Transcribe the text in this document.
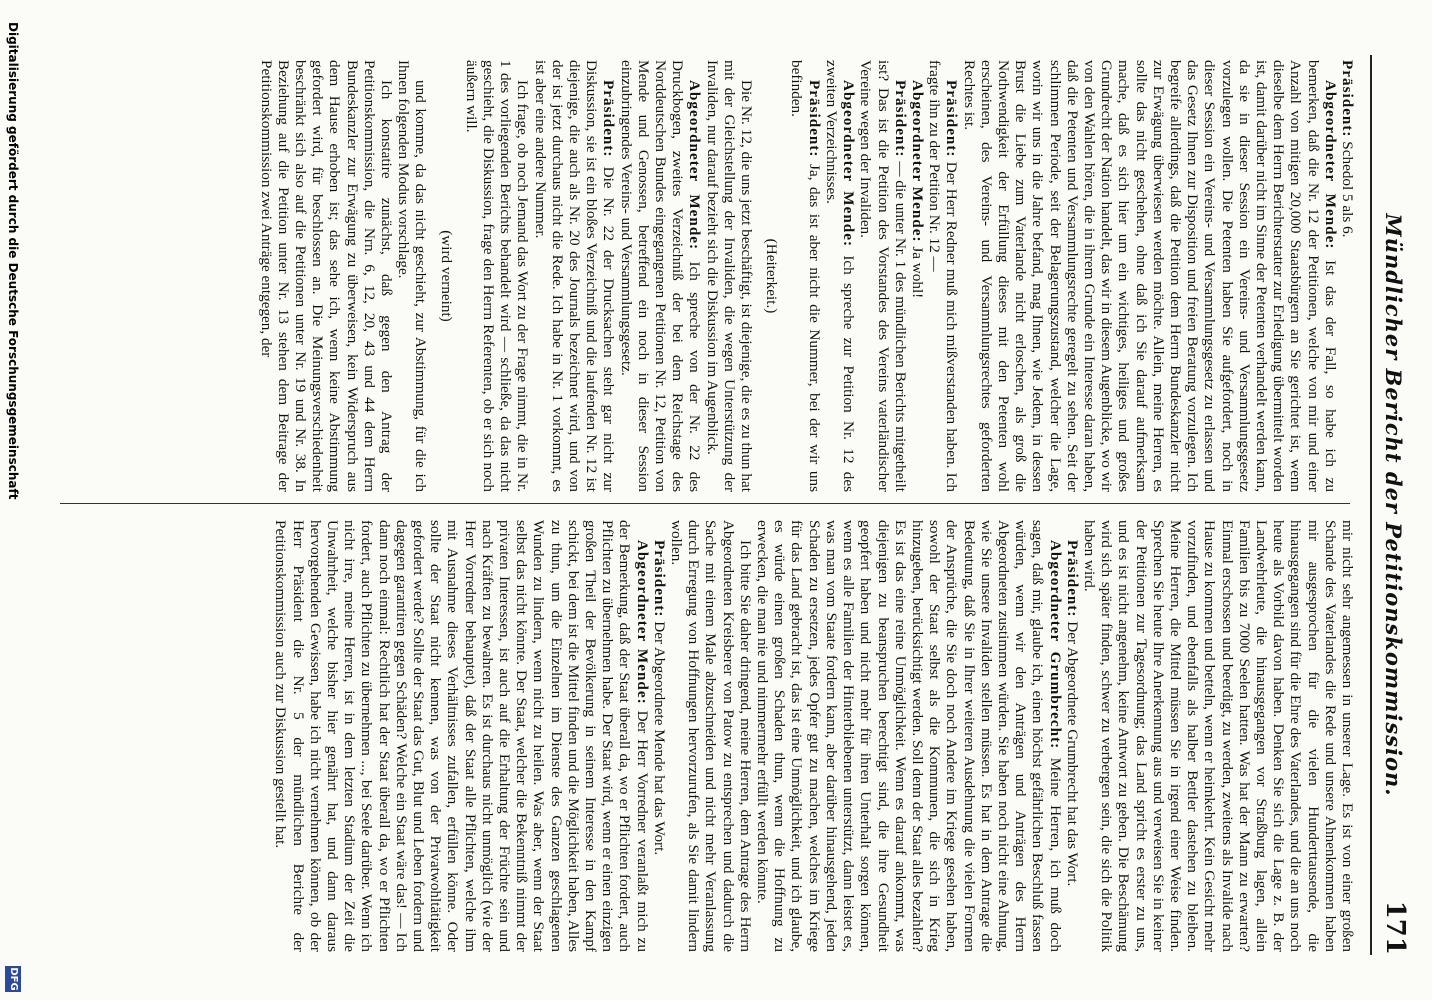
Mündlicher Bericht der Petitionskommission.
171

Präsident: Schedol 5 als 6.

Abgeordneter Mende: Ist das der Fall, so habe ich zu bemerken, daß die Nr. 12 der Petitionen, welche von mir und einer Anzahl von mitigen 20,000 Staatsbürgern an Sie gerichtet ist, wenn dieselbe dem Herrn Berichterstatter zur Erledigung übermittelt worden ist, damit darüber nicht im Sinne der Petenten verhandelt werden kann, da sie in dieser Session ein Vereins- und Versammlungsgesetz vorzulegen wollen. Die Petenten haben Sie aufgefordert, noch in dieser Session ein Vereins- und Versammlungsgesetz zu erlassen und das Gesetz Ihnen zur Disposition und freien Beratung vorzulegen. Ich begreife allerdings, daß die Petition dem Herrn Bundeskanzler nicht zur Erwägung überwiesen werden möchte. Allein, meine Herren, es sollte das nicht geschehen, ohne daß ich Sie darauf aufmerksam mache, daß es sich hier um ein wichtiges, heiliges und großes Grundrecht der Nation handelt, das wir in diesem Augenblicke, wo wir von den Wahlen hören, die in ihrem Grunde ein Interesse daran haben, daß die Petenten und Versammlungsrechte geregelt zu sehen. Seit der schlimmen Periode, seit der Belagerungszustand, welcher die Lage, worin wir uns in die Jahre befand, mag Ihnen, wie Jedem, in dessen Brust die Liebe zum Vaterlande nicht erloschen, als groß die Nothwendigkeit der Erfüllung dieses mit den Petenten wohl erscheinen, des Vereins- und Versammlungsrechtes geforderten Rechtes ist.

Präsident: Der Herr Redner muß mich mißverstanden haben. Ich fragte ihn zu der Petition Nr. 12 —

Abgeordneter Mende: Ja wohl!

Präsident: — die unter Nr. 1 des mündlichen Berichts mitgetheilt ist? Das ist die Petition des Vorstandes des Vereins vaterländischer Vereine wegen der Invaliden.

Abgeordneter Mende: Ich spreche zur Petition Nr. 12 des zweiten Verzeichnisses.

Präsident: Ja, das ist aber nicht die Nummer, bei der wir uns befinden.

(Heiterkeit.)

Die Nr. 12, die uns jetzt beschäftigt, ist diejenige, die es zu thun hat mit der Gleichstellung der Invaliden, die wegen Unterstützung der Invaliden, nur darauf bezieht sich die Diskussion im Augenblick.

Abgeordneter Mende: Ich spreche von der Nr. 22 des Druckbogen, zweites Verzeichniß der bei dem Reichstage des Norddeutschen Bundes eingegangenen Petitionen Nr. 12, Petition von Mende und Genossen, betreffend ein noch in dieser Session einzubringendes Vereins- und Versammlungsgesetz.

Präsident: Die Nr. 22 der Drucksachen steht gar nicht zur Diskussion, sie ist ein bloßes Verzeichniß und die laufenden Nr. 12 ist diejenige, die auch als Nr. 20 des Journals bezeichnet wird, und von der ist jetzt durchaus nicht die Rede. Ich habe in Nr. 1 vorkommt, es ist aber eine andere Nummer.

Ich frage, ob noch Jemand das Wort zu der Frage nimmt, die in Nr. 1 des vorliegenden Berichts behandelt wird — schließe, da das nicht geschieht, die Diskussion, frage den Herrn Referenten, ob er sich noch äußern will.

(wird verneint)

und komme, da das nicht geschieht, zur Abstimmung, für die ich Ihnen folgenden Modus vorschlage.

Ich konstatire zunächst, daß gegen den Antrag der Petitionskommission, die Nrn. 6, 12, 20, 43 und 44 dem Herrn Bundeskanzler zur Erwägung zu überweisen, kein Widerspruch aus dem Hause erhoben ist; das sehe ich, wenn keine Abstimmung gefordert wird, für beschlossen an. Die Meinungsverschiedenheit beschränkt sich also auf die Petitionen unter Nr. 19 und Nr. 38. In Beziehung auf die Petition unter Nr. 13 stehen dem Beitrage der Petitionskommission zwei Anträge entgegen, der

mir nicht sehr angemessen in unserer Lage. Es ist von einer großen Schande des Vaterlandes die Rede und unsere Ahnenkommen haben mir ausgesprochen für die vielen Hunderttausende, die hinausgegangen sind für die Ehre des Vaterlandes, und die an uns noch heute als Vorbild davon haben. Denken Sie sich die Lage z. B. der Landwehrleute, die hinausgegangen vor Straßburg lagen, allein Familien bis zu 7000 Seelen hatten. Was hat der Mann zu erwarten? Einmal erschossen und beerdigt, zu werden, zweitens als Invalide nach Hause zu kommen und betteln, wenn er heimkehrt. Kein Gesicht mehr vorzufinden, und ebenfalls als halber Bettler dastehen zu bleiben. Meine Herren, die Mittel müssen Sie in irgend einer Weise finden. Sprechen Sie heute Ihre Anerkennung aus und verweisen Sie in keiner der Petitionen zur Tagesordnung; das Land spricht es erster zu uns, und es ist nicht angenehm, keine Antwort zu geben. Die Beschämung wird sich später finden, schwer zu verbergen sein, die sich die Politik haben wird.

Präsident: Der Abgeordnete Grumbrecht hat das Wort.

Abgeordneter Grumbrecht: Meine Herren, ich muß doch sagen, daß mir, glaube ich, einen höchst gefährlichen Beschluß fassen würden, wenn wir den Anträgen und Anträgen des Herrn Abgeordneten zustimmen würden. Sie haben noch nicht eine Ahnung, wie Sie unsere Invaliden stellen müssen. Es hat in dem Antrage die Bedeutung, daß Sie in Ihrer weiteren Ausdehnung die vielen Formen der Ansprüche, die Sie doch noch Andere im Kriege gesehen haben, sowohl der Staat selbst als die Kommunen, die sich in Krieg hinzugeben, berücksichtigt werden. Soll denn der Staat alles bezahlen? Es ist das eine reine Unmöglichkeit. Wenn es darauf ankommt, was diejenigen zu beanspruchen berechtigt sind, die ihre Gesundheit geopfert haben und nicht mehr für ihren Unterhalt sorgen können, wenn es alle Familien der Hinterbliebenen unterstützt, dann leistet es, was man vom Staate fordern kann, aber darüber hinausgehend, jeden Schaden zu ersetzen, jedes Opfer gut zu machen, welches im Kriege für das Land gebracht ist, das ist eine Unmöglichkeit, und ich glaube, es würde einen großen Schaden thun, wenn die Hoffnung zu erwecken, die man nie und nimmermehr erfüllt werden könnte.

Ich bitte Sie daher dringend, meine Herren, dem Antrage des Herrn Abgeordneten Kreisberer von Patow zu entsprechen und dadurch die Sache mit einem Male abzuschneiden und nicht mehr Veranlassung durch Erregung von Hoffnungen hervorzurufen, als Sie damit lindern wollen.

Präsident: Der Abgeordnete Mende hat das Wort.

Abgeordneter Mende: Der Herr Vorredner veranlaßt mich zu der Bemerkung, daß der Staat überall da, wo er Pflichten fordert, auch Pflichten zu übernehmen habe. Der Staat wird, wenn er einen einzigen großen Theil der Bevölkerung in seinem Interesse in den Kampf schickt, bei dem ist die Mittel finden und die Möglichkeit haben, Alles zu thun, um die Einzelnen im Dienste des Ganzen geschlagenen Wunden zu lindern, wenn nicht zu heilen. Was aber, wenn der Staat selbst das nicht könnte. Der Staat, welcher die Bekenntniß nimmt der privaten Interessen, ist auch auf die Erhaltung der Früchte sein und nach Kräften zu bewahren. Es ist durchaus nicht unmöglich (wie der Herr Vorredner behauptet), daß der Staat alle Pflichten, welche ihm mit Ausnahme dieses Verhältnisses zufallen, erfüllen könne. Oder sollte der Staat nicht kennen, was von der Privatwohltätigkeit gefordert werde? Sollte der Staat das Gut, Blut und Leben fordern und dagegen garantiren gegen Schäden? Welche ein Staat wäre das! — Ich dann noch einmal: Rechtlich hat der Staat überall da, wo er Pflichten fordert, auch Pflichten zu übernehmen ..., bei Seele darüber. Wenn ich nicht irre, meine Herren, ist in dem letzten Stadium der Zeit die Unwahrheit, welche bisher hier genährt hat, und dann daraus hervorgehenden Gewissen, habe ich nicht vernehmen können, ob der Herr Präsident die Nr. 5 der mündlichen Berichte der Petitionskommission auch zur Diskussion gestellt hat.

Digitalisierung gefördert durch die Deutsche Forschungsgemeinschaft
DFG
